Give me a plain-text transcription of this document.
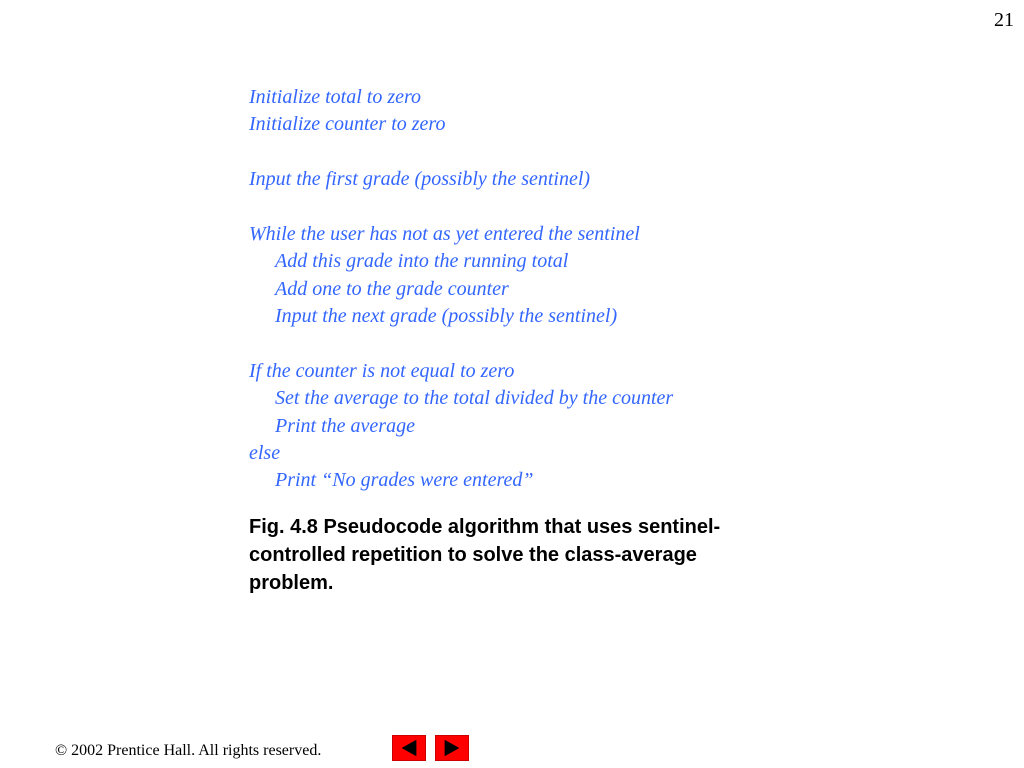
21
Initialize total to zero
Initialize counter to zero
Input the first grade (possibly the sentinel)
While the user has not as yet entered the sentinel
Add this grade into the running total
Add one to the grade counter
Input the next grade (possibly the sentinel)
If the counter is not equal to zero
Set the average to the total divided by the counter
Print the average
else
Print “No grades were entered”

Fig. 4.8 Pseudocode algorithm that uses sentinel-controlled repetition to solve the class-average problem.

© 2002 Prentice Hall. All rights reserved.
